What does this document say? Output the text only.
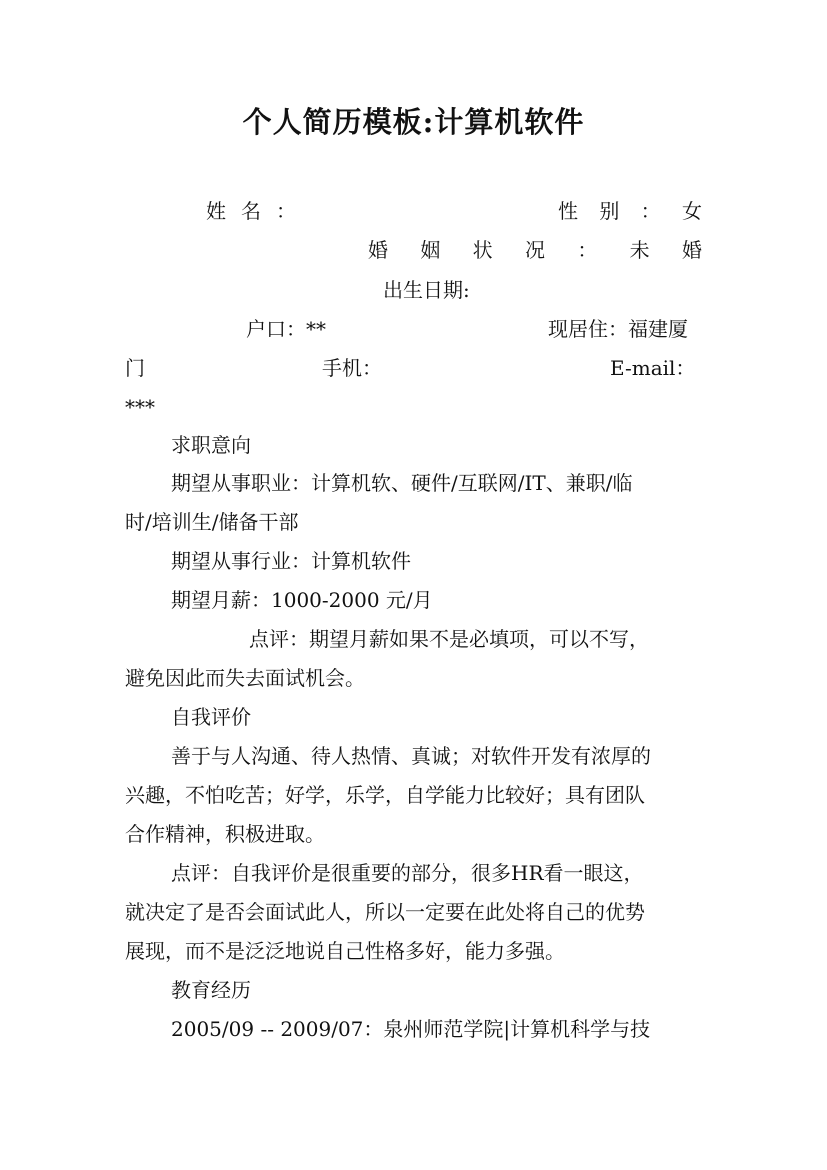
个人简历模板:计算机软件
姓 名 ：	性 别 ： 女
婚 姻 状 况 ： 未 婚
出生日期:
户口：**	现居住：福建厦
门	手机：	E-mail：
***
求职意向
期望从事职业：计算机软、硬件/互联网/IT、兼职/临
时/培训生/储备干部
期望从事行业：计算机软件
期望月薪：1000-2000 元/月
点评：期望月薪如果不是必填项，可以不写，
避免因此而失去面试机会。
自我评价
善于与人沟通、待人热情、真诚；对软件开发有浓厚的
兴趣，不怕吃苦；好学，乐学，自学能力比较好；具有团队
合作精神，积极进取。
点评：自我评价是很重要的部分，很多HR看一眼这，
就决定了是否会面试此人，所以一定要在此处将自己的优势
展现，而不是泛泛地说自己性格多好，能力多强。
教育经历
2005/09 -- 2009/07：泉州师范学院|计算机科学与技
